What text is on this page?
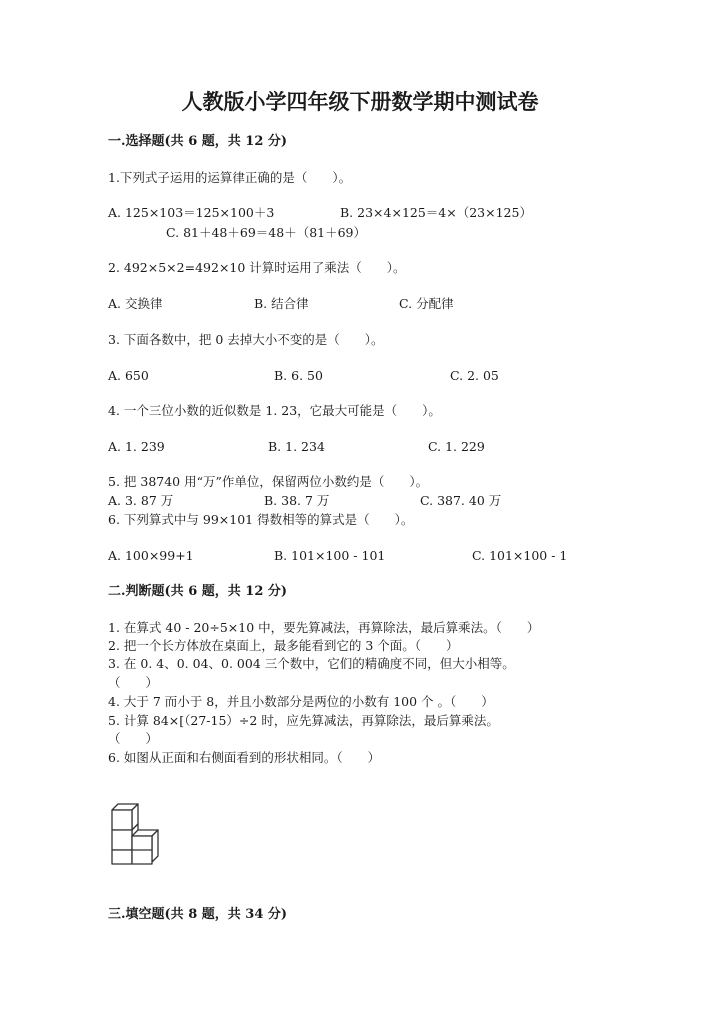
人教版小学四年级下册数学期中测试卷
一.选择题(共 6 题，共 12 分)
1.下列式子运用的运算律正确的是（　　）。
A. 125×103＝125×100＋3	B. 23×4×125＝4×（23×125）
C. 81＋48＋69＝48＋（81＋69）
2. 492×5×2=492×10 计算时运用了乘法（　　）。
A. 交换律	B. 结合律	C. 分配律
3. 下面各数中，把 0 去掉大小不变的是（　　）。
A. 650	B. 6. 50	C. 2. 05
4. 一个三位小数的近似数是 1. 23，它最大可能是（　　）。
A. 1. 239	B. 1. 234	C. 1. 229
5. 把 38740 用“万”作单位，保留两位小数约是（　　）。
A. 3. 87 万	B. 38. 7 万	C. 387. 40 万
6. 下列算式中与 99×101 得数相等的算式是（　　）。
A. 100×99+1	B. 101×100 - 101	C. 101×100 - 1
二.判断题(共 6 题，共 12 分)
1. 在算式 40 - 20÷5×10 中，要先算减法，再算除法，最后算乘法。（　　）
2. 把一个长方体放在桌面上，最多能看到它的 3 个面。（　　）
3. 在 0. 4、0. 04、0. 004 三个数中，它们的精确度不同，但大小相等。
（　　）
4. 大于 7 而小于 8，并且小数部分是两位的小数有 100 个 。（　　）
5. 计算 84×[（27-15）÷2 时，应先算减法，再算除法，最后算乘法。
（　　）
6. 如图从正面和右侧面看到的形状相同。（　　）
三.填空题(共 8 题，共 34 分)
